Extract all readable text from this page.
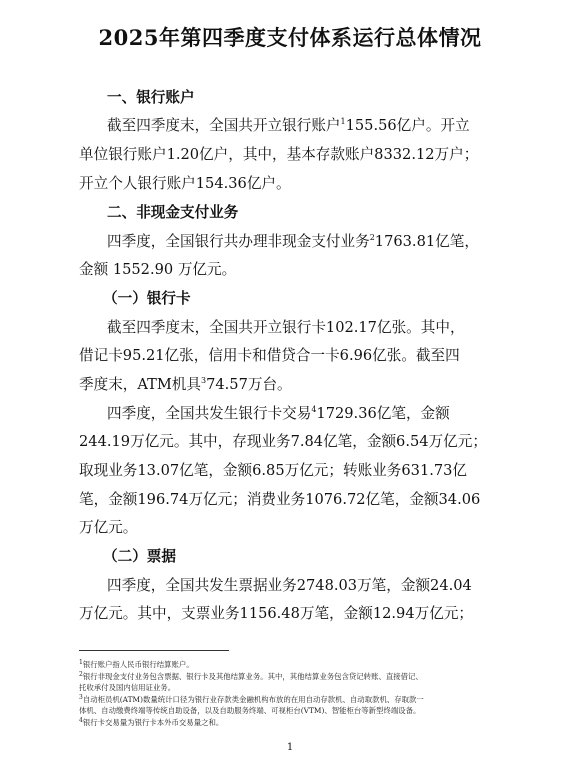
2025年第四季度支付体系运行总体情况
一、银行账户
截至四季度末，全国共开立银行账户$^1$155.56亿户。开立
单位银行账户1.20亿户，其中，基本存款账户8332.12万户；
开立个人银行账户154.36亿户。
二、非现金支付业务
四季度，全国银行共办理非现金支付业务$^2$1763.81亿笔，
金额 1552.90 万亿元。
（一）银行卡
截至四季度末，全国共开立银行卡102.17亿张。其中，
借记卡95.21亿张，信用卡和借贷合一卡6.96亿张。截至四
季度末，ATM机具$^3$74.57万台。
四季度，全国共发生银行卡交易$^4$1729.36亿笔，金额
244.19万亿元。其中，存现业务7.84亿笔，金额6.54万亿元；
取现业务13.07亿笔，金额6.85万亿元；转账业务631.73亿
笔，金额196.74万亿元；消费业务1076.72亿笔，金额34.06
万亿元。
（二）票据
四季度，全国共发生票据业务2748.03万笔，金额24.04
万亿元。其中，支票业务1156.48万笔，金额12.94万亿元；
$^1$银行账户指人民币银行结算账户。
$^2$银行非现金支付业务包含票据、银行卡及其他结算业务。其中，其他结算业务包含贷记转账、直接借记、
托收承付及国内信用证业务。
$^3$自动柜员机(ATM)数量统计口径为银行业存款类金融机构布放的在用自动存款机、自动取款机、存取款一
体机、自动缴费终端等传统自助设备，以及自助服务终端、可视柜台(VTM)、智能柜台等新型终端设备。
$^4$银行卡交易量为银行卡本外币交易量之和。
1
